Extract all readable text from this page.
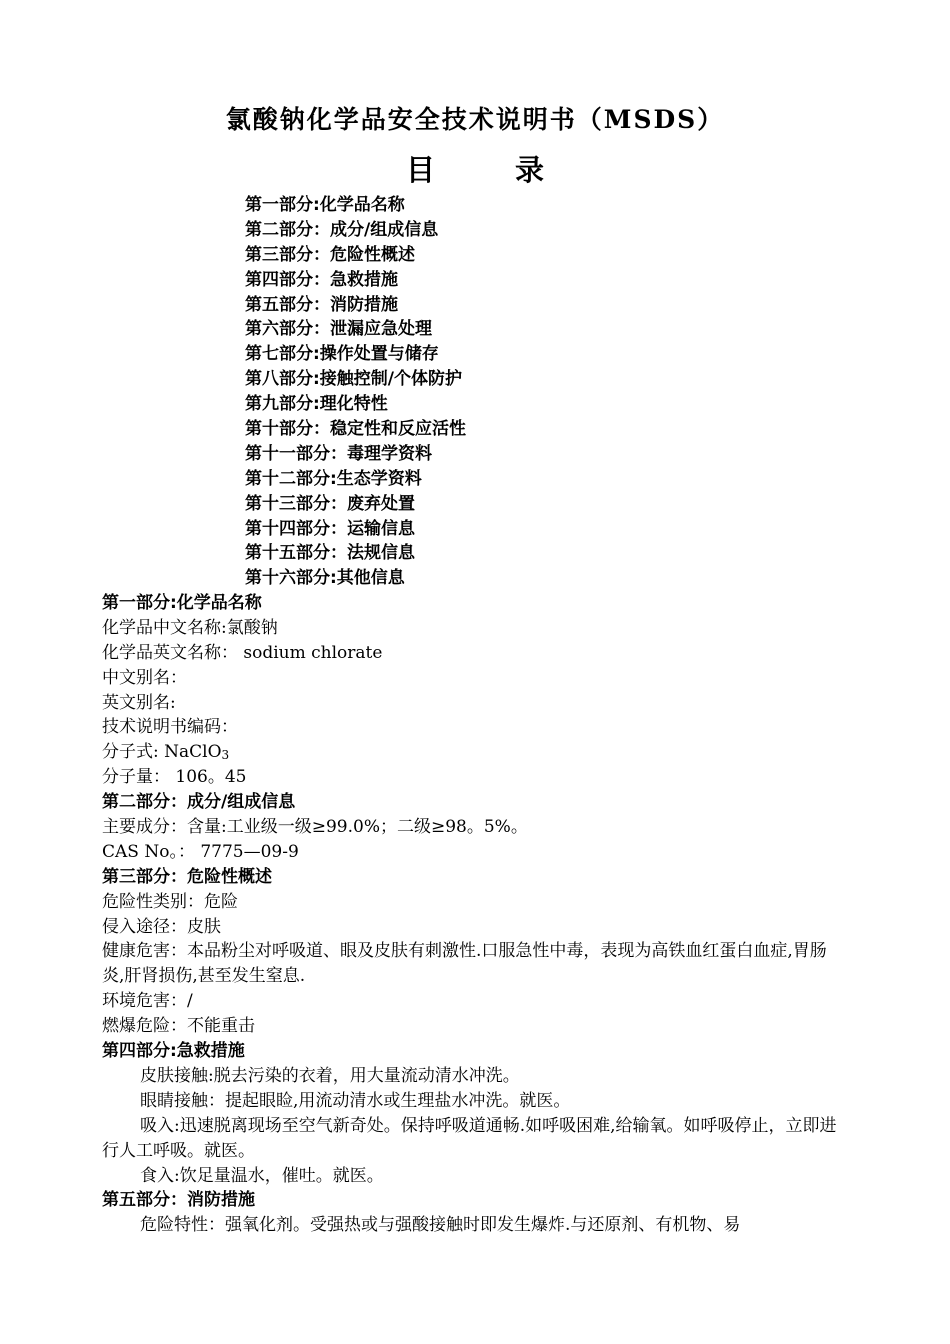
氯酸钠化学品安全技术说明书（MSDS）
目	录
第一部分:化学品名称
第二部分：成分/组成信息
第三部分：危险性概述
第四部分：急救措施
第五部分：消防措施
第六部分：泄漏应急处理
第七部分:操作处置与储存
第八部分:接触控制/个体防护
第九部分:理化特性
第十部分：稳定性和反应活性
第十一部分：毒理学资料
第十二部分:生态学资料
第十三部分：废弃处置
第十四部分：运输信息
第十五部分：法规信息
第十六部分:其他信息
第一部分:化学品名称
化学品中文名称:氯酸钠
化学品英文名称： sodium chlorate
中文别名：
英文别名:
技术说明书编码：
分子式: NaClO$_3$
分子量： 106。45
第二部分：成分/组成信息
主要成分：含量:工业级一级≥99.0%；二级≥98。5%。
CAS No。： 7775—09-9
第三部分：危险性概述
危险性类别：危险
侵入途径：皮肤
健康危害：本品粉尘对呼吸道、眼及皮肤有刺激性.口服急性中毒，表现为高铁血红蛋白血症,胃肠炎,肝肾损伤,甚至发生窒息.
环境危害：/
燃爆危险：不能重击
第四部分:急救措施
皮肤接触:脱去污染的衣着，用大量流动清水冲洗。
眼睛接触：提起眼睑,用流动清水或生理盐水冲洗。就医。
吸入:迅速脱离现场至空气新奇处。保持呼吸道通畅.如呼吸困难,给输氧。如呼吸停止，立即进行人工呼吸。就医。
食入:饮足量温水，催吐。就医。
第五部分：消防措施
危险特性：强氧化剂。受强热或与强酸接触时即发生爆炸.与还原剂、有机物、易
